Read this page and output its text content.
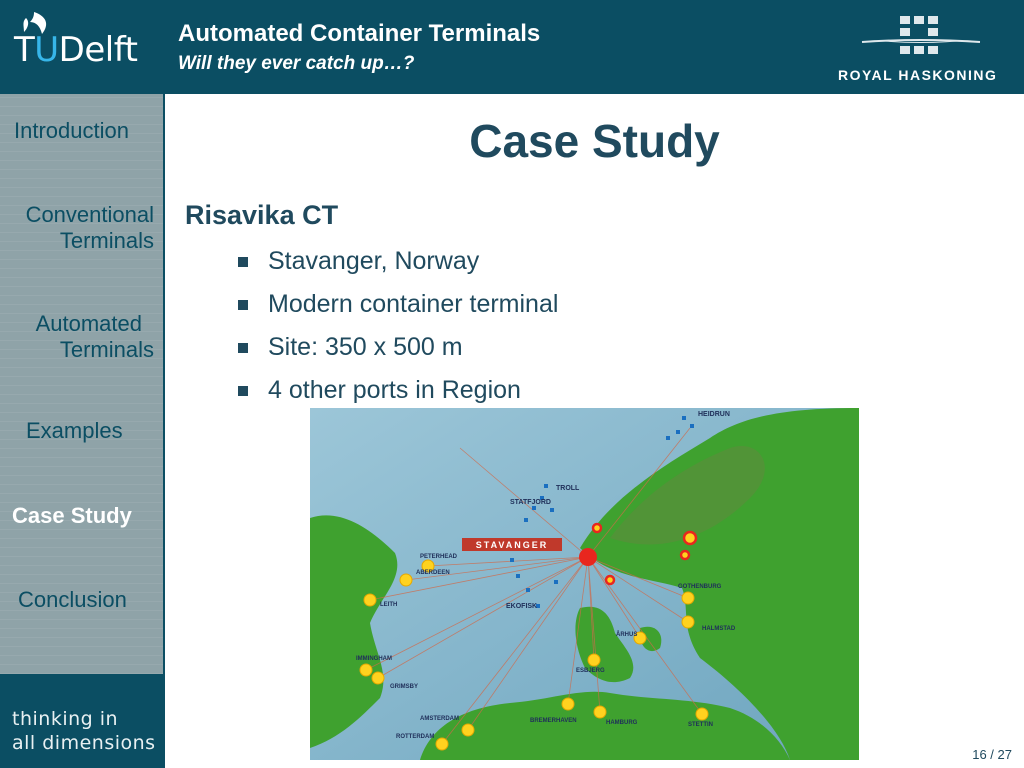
TUDelft Automated Container Terminals
Will they ever catch up…?
ROYAL HASKONING
Introduction
Conventional
Terminals
Automated
Terminals
Examples
Case Study
Conclusion
thinking in
all dimensions
Case Study
Risavika CT
Stavanger, Norway
Modern container terminal
Site: 350 x 500 m
4 other ports in Region
HEIDRUN
TROLL
STATFJORD
EKOFISK
STAVANGER
PETERHEAD
ABERDEEN
LEITH
IMMINGHAM
GRIMSBY
AMSTERDAM
ROTTERDAM
BREMERHAVEN	HAMBURG	STETTIN
ESBJERG
ÅRHUS
HALMSTAD
GOTHENBURG
16 / 27
